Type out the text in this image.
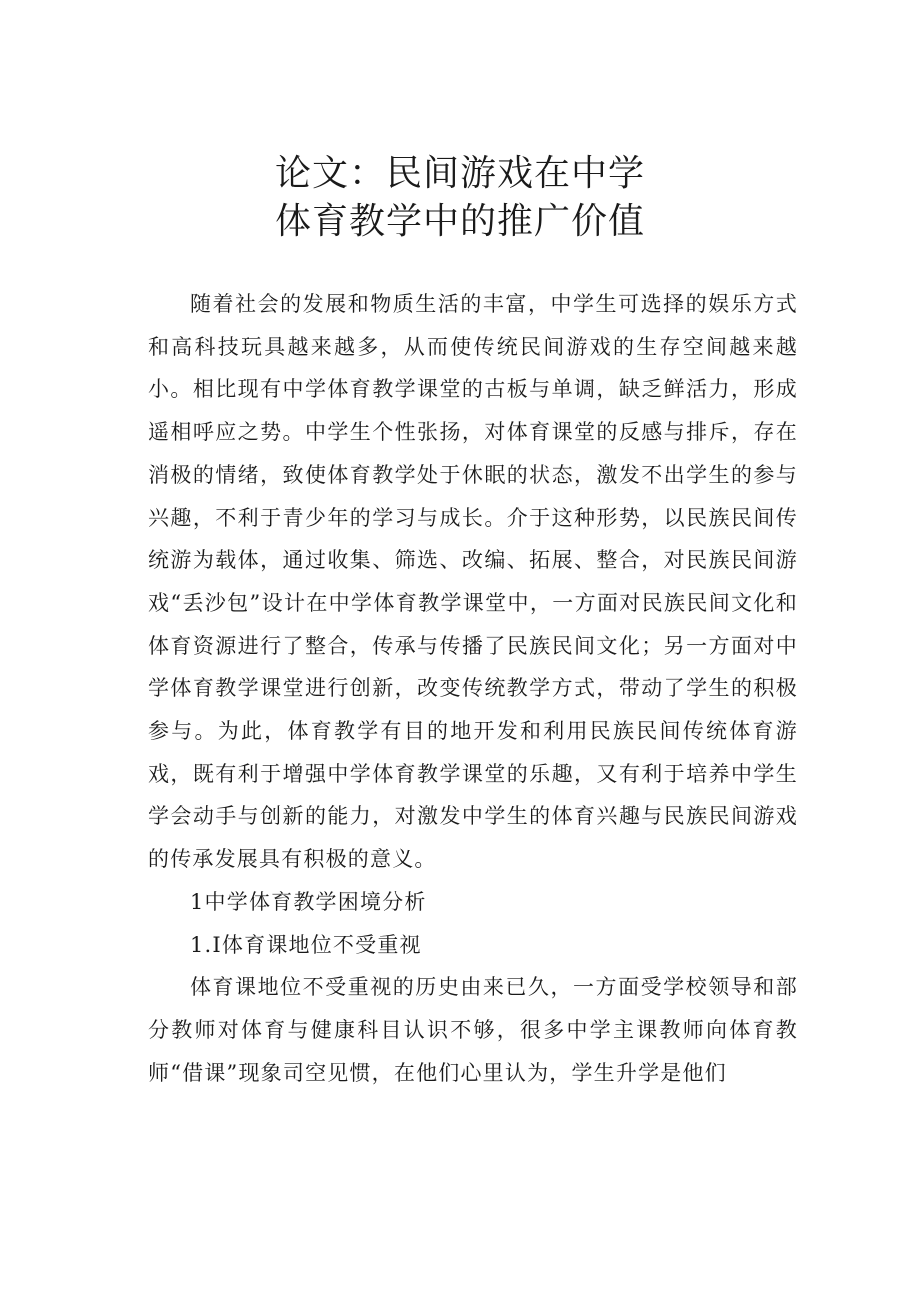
论文：民间游戏在中学
体育教学中的推广价值

随着社会的发展和物质生活的丰富，中学生可选择的娱乐方式和高科技玩具越来越多，从而使传统民间游戏的生存空间越来越小。相比现有中学体育教学课堂的古板与单调，缺乏鲜活力，形成遥相呼应之势。中学生个性张扬，对体育课堂的反感与排斥，存在消极的情绪，致使体育教学处于休眠的状态，激发不出学生的参与兴趣，不利于青少年的学习与成长。介于这种形势，以民族民间传统游为载体，通过收集、筛选、改编、拓展、整合，对民族民间游戏“丢沙包”设计在中学体育教学课堂中，一方面对民族民间文化和体育资源进行了整合，传承与传播了民族民间文化；另一方面对中学体育教学课堂进行创新，改变传统教学方式，带动了学生的积极参与。为此，体育教学有目的地开发和利用民族民间传统体育游戏，既有利于增强中学体育教学课堂的乐趣，又有利于培养中学生学会动手与创新的能力，对激发中学生的体育兴趣与民族民间游戏的传承发展具有积极的意义。

1中学体育教学困境分析

1.I体育课地位不受重视

体育课地位不受重视的历史由来已久，一方面受学校领导和部分教师对体育与健康科目认识不够，很多中学主课教师向体育教师“借课”现象司空见惯，在他们心里认为，学生升学是他们
